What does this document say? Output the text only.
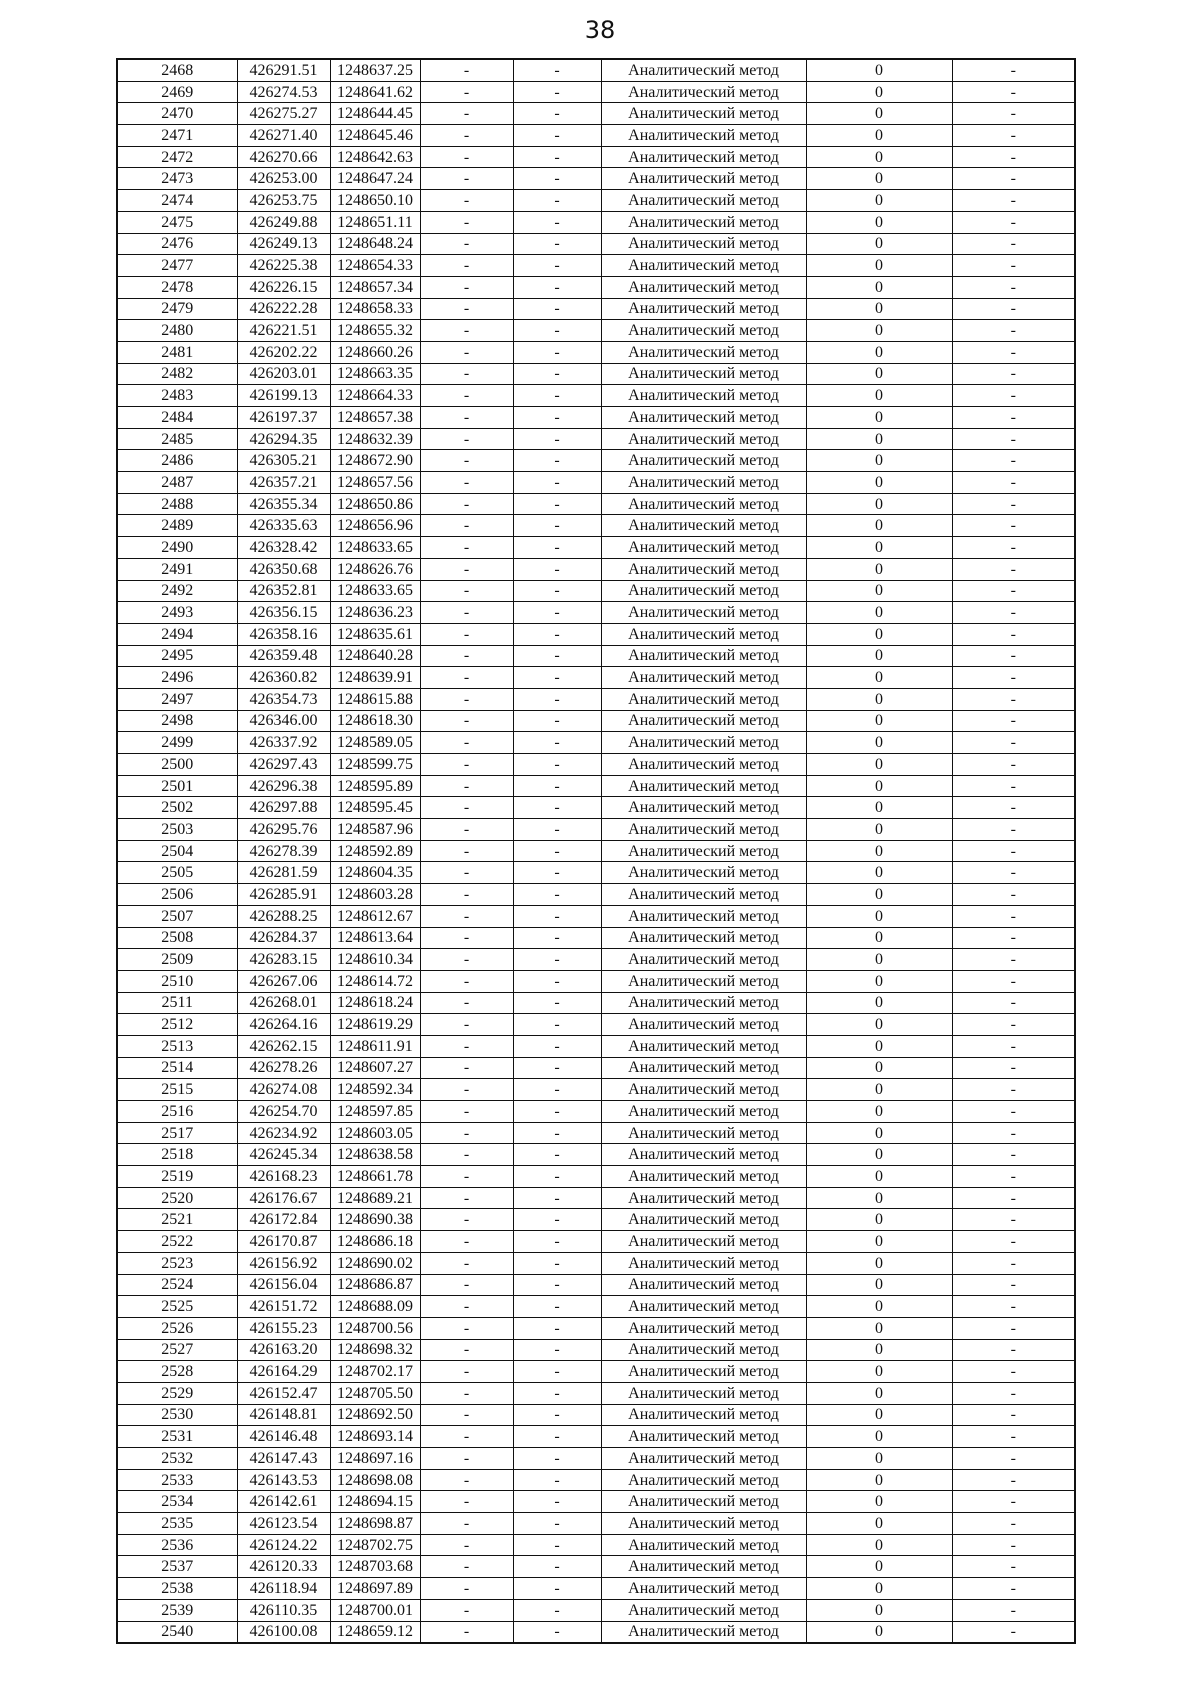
38
2468	426291.51	1248637.25	-	-	Аналитический метод	0	-
2469	426274.53	1248641.62	-	-	Аналитический метод	0	-
2470	426275.27	1248644.45	-	-	Аналитический метод	0	-
2471	426271.40	1248645.46	-	-	Аналитический метод	0	-
2472	426270.66	1248642.63	-	-	Аналитический метод	0	-
2473	426253.00	1248647.24	-	-	Аналитический метод	0	-
2474	426253.75	1248650.10	-	-	Аналитический метод	0	-
2475	426249.88	1248651.11	-	-	Аналитический метод	0	-
2476	426249.13	1248648.24	-	-	Аналитический метод	0	-
2477	426225.38	1248654.33	-	-	Аналитический метод	0	-
2478	426226.15	1248657.34	-	-	Аналитический метод	0	-
2479	426222.28	1248658.33	-	-	Аналитический метод	0	-
2480	426221.51	1248655.32	-	-	Аналитический метод	0	-
2481	426202.22	1248660.26	-	-	Аналитический метод	0	-
2482	426203.01	1248663.35	-	-	Аналитический метод	0	-
2483	426199.13	1248664.33	-	-	Аналитический метод	0	-
2484	426197.37	1248657.38	-	-	Аналитический метод	0	-
2485	426294.35	1248632.39	-	-	Аналитический метод	0	-
2486	426305.21	1248672.90	-	-	Аналитический метод	0	-
2487	426357.21	1248657.56	-	-	Аналитический метод	0	-
2488	426355.34	1248650.86	-	-	Аналитический метод	0	-
2489	426335.63	1248656.96	-	-	Аналитический метод	0	-
2490	426328.42	1248633.65	-	-	Аналитический метод	0	-
2491	426350.68	1248626.76	-	-	Аналитический метод	0	-
2492	426352.81	1248633.65	-	-	Аналитический метод	0	-
2493	426356.15	1248636.23	-	-	Аналитический метод	0	-
2494	426358.16	1248635.61	-	-	Аналитический метод	0	-
2495	426359.48	1248640.28	-	-	Аналитический метод	0	-
2496	426360.82	1248639.91	-	-	Аналитический метод	0	-
2497	426354.73	1248615.88	-	-	Аналитический метод	0	-
2498	426346.00	1248618.30	-	-	Аналитический метод	0	-
2499	426337.92	1248589.05	-	-	Аналитический метод	0	-
2500	426297.43	1248599.75	-	-	Аналитический метод	0	-
2501	426296.38	1248595.89	-	-	Аналитический метод	0	-
2502	426297.88	1248595.45	-	-	Аналитический метод	0	-
2503	426295.76	1248587.96	-	-	Аналитический метод	0	-
2504	426278.39	1248592.89	-	-	Аналитический метод	0	-
2505	426281.59	1248604.35	-	-	Аналитический метод	0	-
2506	426285.91	1248603.28	-	-	Аналитический метод	0	-
2507	426288.25	1248612.67	-	-	Аналитический метод	0	-
2508	426284.37	1248613.64	-	-	Аналитический метод	0	-
2509	426283.15	1248610.34	-	-	Аналитический метод	0	-
2510	426267.06	1248614.72	-	-	Аналитический метод	0	-
2511	426268.01	1248618.24	-	-	Аналитический метод	0	-
2512	426264.16	1248619.29	-	-	Аналитический метод	0	-
2513	426262.15	1248611.91	-	-	Аналитический метод	0	-
2514	426278.26	1248607.27	-	-	Аналитический метод	0	-
2515	426274.08	1248592.34	-	-	Аналитический метод	0	-
2516	426254.70	1248597.85	-	-	Аналитический метод	0	-
2517	426234.92	1248603.05	-	-	Аналитический метод	0	-
2518	426245.34	1248638.58	-	-	Аналитический метод	0	-
2519	426168.23	1248661.78	-	-	Аналитический метод	0	-
2520	426176.67	1248689.21	-	-	Аналитический метод	0	-
2521	426172.84	1248690.38	-	-	Аналитический метод	0	-
2522	426170.87	1248686.18	-	-	Аналитический метод	0	-
2523	426156.92	1248690.02	-	-	Аналитический метод	0	-
2524	426156.04	1248686.87	-	-	Аналитический метод	0	-
2525	426151.72	1248688.09	-	-	Аналитический метод	0	-
2526	426155.23	1248700.56	-	-	Аналитический метод	0	-
2527	426163.20	1248698.32	-	-	Аналитический метод	0	-
2528	426164.29	1248702.17	-	-	Аналитический метод	0	-
2529	426152.47	1248705.50	-	-	Аналитический метод	0	-
2530	426148.81	1248692.50	-	-	Аналитический метод	0	-
2531	426146.48	1248693.14	-	-	Аналитический метод	0	-
2532	426147.43	1248697.16	-	-	Аналитический метод	0	-
2533	426143.53	1248698.08	-	-	Аналитический метод	0	-
2534	426142.61	1248694.15	-	-	Аналитический метод	0	-
2535	426123.54	1248698.87	-	-	Аналитический метод	0	-
2536	426124.22	1248702.75	-	-	Аналитический метод	0	-
2537	426120.33	1248703.68	-	-	Аналитический метод	0	-
2538	426118.94	1248697.89	-	-	Аналитический метод	0	-
2539	426110.35	1248700.01	-	-	Аналитический метод	0	-
2540	426100.08	1248659.12	-	-	Аналитический метод	0	-
